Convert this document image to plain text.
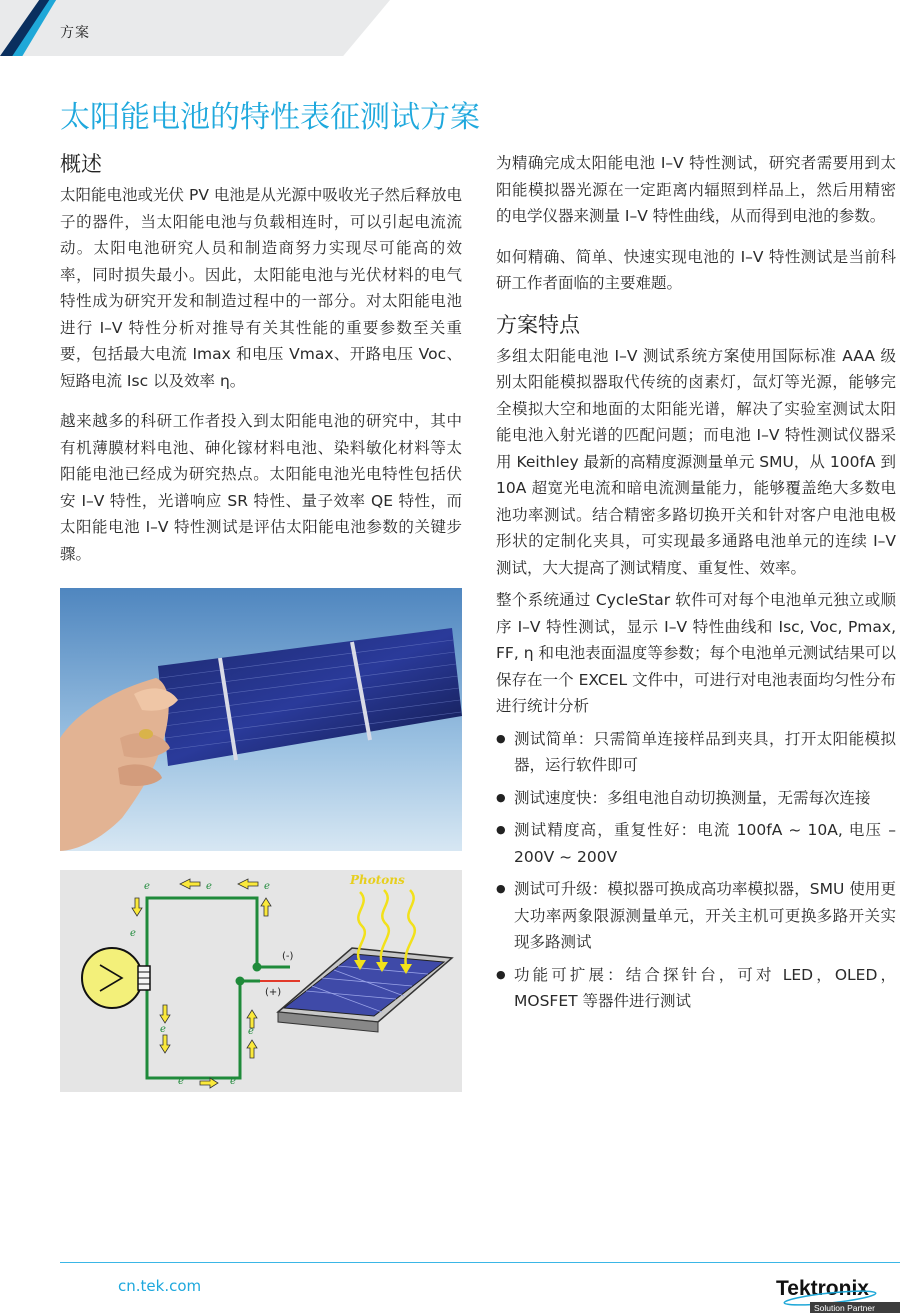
方案
太阳能电池的特性表征测试方案
概述

太阳能电池或光伏 PV 电池是从光源中吸收光子然后释放电子的器件，当太阳能电池与负载相连时，可以引起电流流动。太阳电池研究人员和制造商努力实现尽可能高的效率，同时损失最小。因此，太阳能电池与光伏材料的电气特性成为研究开发和制造过程中的一部分。对太阳能电池进行 I–V 特性分析对推导有关其性能的重要参数至关重要，包括最大电流 Imax 和电压 Vmax、开路电压 Voc、短路电流 Isc 以及效率 η。

越来越多的科研工作者投入到太阳能电池的研究中，其中有机薄膜材料电池、砷化镓材料电池、染料敏化材料等太阳能电池已经成为研究热点。太阳能电池光电特性包括伏安 I–V 特性，光谱响应 SR 特性、量子效率 QE 特性，而太阳能电池 I–V 特性测试是评估太阳能电池参数的关键步骤。

(-)
(+)
Photons
e	e	e
e
e	e
e	e

为精确完成太阳能电池 I–V 特性测试，研究者需要用到太阳能模拟器光源在一定距离内辐照到样品上，然后用精密的电学仪器来测量 I–V 特性曲线，从而得到电池的参数。

如何精确、简单、快速实现电池的 I–V 特性测试是当前科研工作者面临的主要难题。

方案特点

多组太阳能电池 I–V 测试系统方案使用国际标准 AAA 级别太阳能模拟器取代传统的卤素灯，氙灯等光源，能够完全模拟大空和地面的太阳能光谱，解决了实验室测试太阳能电池入射光谱的匹配问题；而电池 I–V 特性测试仪器采用 Keithley 最新的高精度源测量单元 SMU，从 100fA 到 10A 超宽光电流和暗电流测量能力，能够覆盖绝大多数电池功率测试。结合精密多路切换开关和针对客户电池电极形状的定制化夹具，可实现最多通路电池单元的连续 I–V 测试，大大提高了测试精度、重复性、效率。

整个系统通过 CycleStar 软件可对每个电池单元独立或顺序 I–V 特性测试，显示 I–V 特性曲线和 Isc, Voc, Pmax, FF, η 和电池表面温度等参数；每个电池单元测试结果可以保存在一个 EXCEL 文件中，可进行对电池表面均匀性分布进行统计分析

● 测试简单：只需简单连接样品到夹具，打开太阳能模拟器，运行软件即可
● 测试速度快：多组电池自动切换测量，无需每次连接
● 测试精度高，重复性好：电流 100fA ~ 10A, 电压 –200V ~ 200V
● 测试可升级：模拟器可换成高功率模拟器，SMU 使用更大功率两象限源测量单元，开关主机可更换多路开关实现多路测试
● 功能可扩展：结合探针台，可对 LED，OLED，MOSFET 等器件进行测试
cn.tek.com	Tektronix
Solution Partner
